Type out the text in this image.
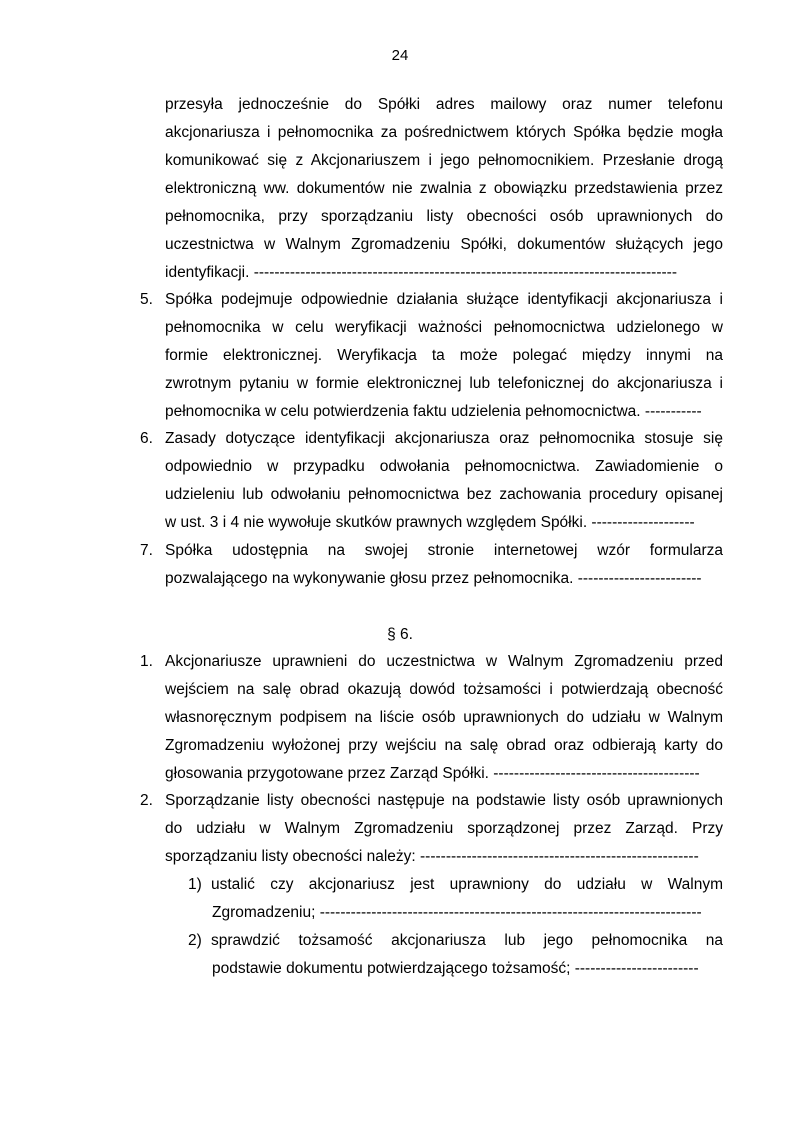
24
przesyła jednocześnie do Spółki adres mailowy oraz numer telefonu
akcjonariusza i pełnomocnika za pośrednictwem których Spółka będzie mogła
komunikować się z Akcjonariuszem i jego pełnomocnikiem. Przesłanie drogą
elektroniczną ww. dokumentów nie zwalnia z obowiązku przedstawienia przez
pełnomocnika, przy sporządzaniu listy obecności osób uprawnionych do
uczestnictwa w Walnym Zgromadzeniu Spółki, dokumentów służących jego
identyfikacji. ----------------------------------------------------------------------------------
5. Spółka podejmuje odpowiednie działania służące identyfikacji akcjonariusza i
pełnomocnika w celu weryfikacji ważności pełnomocnictwa udzielonego w
formie elektronicznej. Weryfikacja ta może polegać między innymi na
zwrotnym pytaniu w formie elektronicznej lub telefonicznej do akcjonariusza i
pełnomocnika w celu potwierdzenia faktu udzielenia pełnomocnictwa. -----------
6. Zasady dotyczące identyfikacji akcjonariusza oraz pełnomocnika stosuje się
odpowiednio w przypadku odwołania pełnomocnictwa. Zawiadomienie o
udzieleniu lub odwołaniu pełnomocnictwa bez zachowania procedury opisanej
w ust. 3 i 4 nie wywołuje skutków prawnych względem Spółki. --------------------
7. Spółka udostępnia na swojej stronie internetowej wzór formularza
pozwalającego na wykonywanie głosu przez pełnomocnika. ------------------------
§ 6.
1. Akcjonariusze uprawnieni do uczestnictwa w Walnym Zgromadzeniu przed
wejściem na salę obrad okazują dowód tożsamości i potwierdzają obecność
własnoręcznym podpisem na liście osób uprawnionych do udziału w Walnym
Zgromadzeniu wyłożonej przy wejściu na salę obrad oraz odbierają karty do
głosowania przygotowane przez Zarząd Spółki. ----------------------------------------
2. Sporządzanie listy obecności następuje na podstawie listy osób uprawnionych
do udziału w Walnym Zgromadzeniu sporządzonej przez Zarząd. Przy
sporządzaniu listy obecności należy: ------------------------------------------------------
1) ustalić czy akcjonariusz jest uprawniony do udziału w Walnym
Zgromadzeniu; --------------------------------------------------------------------------
2) sprawdzić tożsamość akcjonariusza lub jego pełnomocnika na
podstawie dokumentu potwierdzającego tożsamość; ------------------------
